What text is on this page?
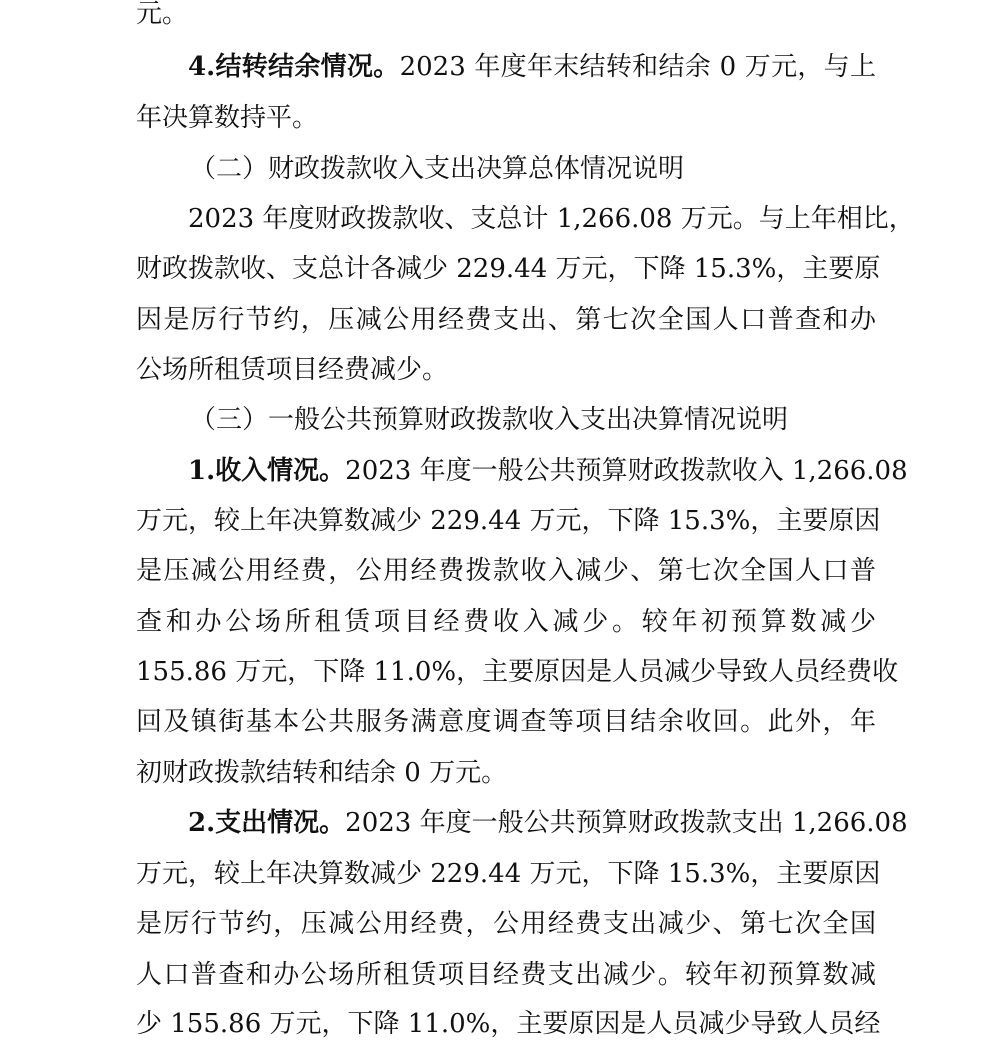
元。
4.结转结余情况。2023 年度年末结转和结余 0 万元，与上
年决算数持平。
（二）财政拨款收入支出决算总体情况说明
2023 年度财政拨款收、支总计 1,266.08 万元。与上年相比，
财政拨款收、支总计各减少 229.44 万元，下降 15.3%，主要原
因是厉行节约，压减公用经费支出、第七次全国人口普查和办
公场所租赁项目经费减少。
（三）一般公共预算财政拨款收入支出决算情况说明
1.收入情况。2023 年度一般公共预算财政拨款收入 1,266.08
万元，较上年决算数减少 229.44 万元，下降 15.3%，主要原因
是压减公用经费，公用经费拨款收入减少、第七次全国人口普
查和办公场所租赁项目经费收入减少。较年初预算数减少
155.86 万元，下降 11.0%，主要原因是人员减少导致人员经费收
回及镇街基本公共服务满意度调查等项目结余收回。此外，年
初财政拨款结转和结余 0 万元。
2.支出情况。2023 年度一般公共预算财政拨款支出 1,266.08
万元，较上年决算数减少 229.44 万元，下降 15.3%，主要原因
是厉行节约，压减公用经费，公用经费支出减少、第七次全国
人口普查和办公场所租赁项目经费支出减少。较年初预算数减
少 155.86 万元，下降 11.0%，主要原因是人员减少导致人员经
